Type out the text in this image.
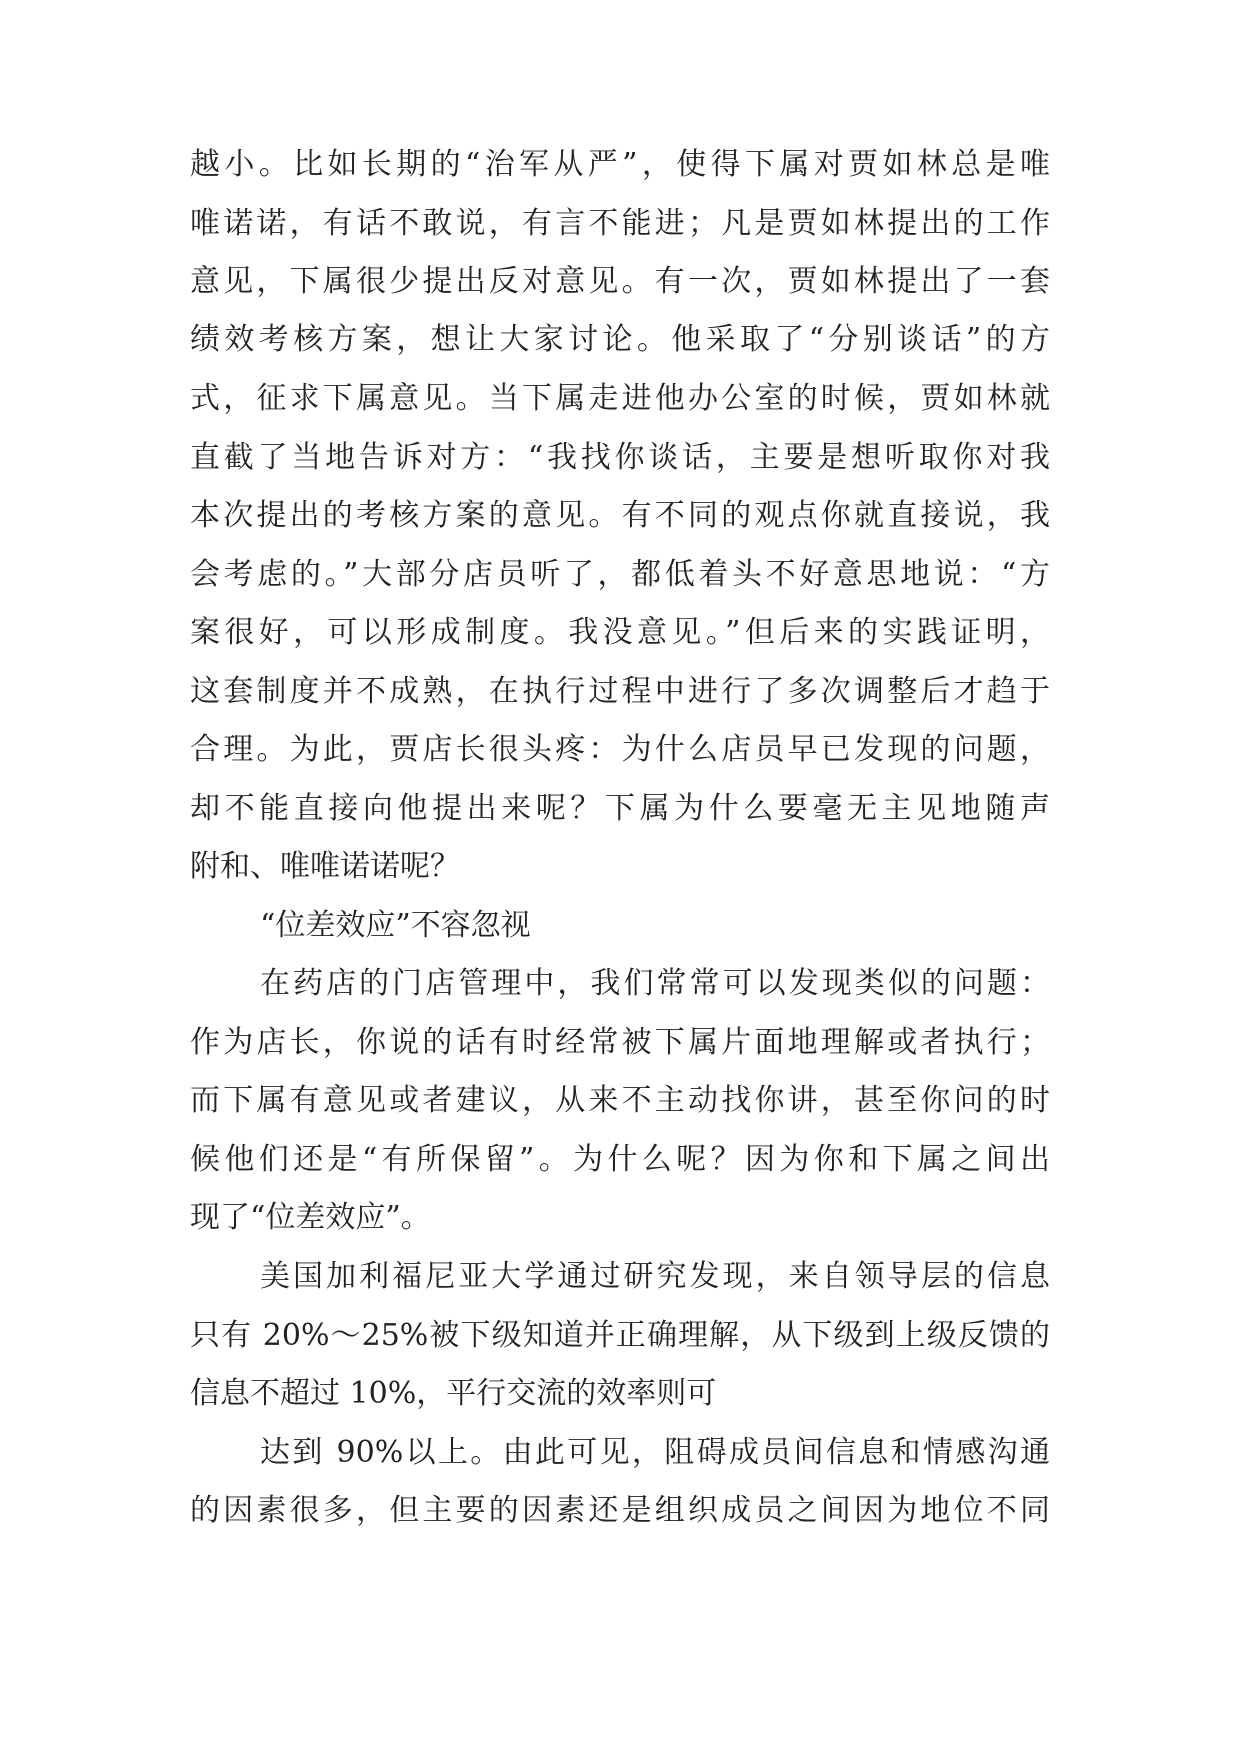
越小。比如长期的“治军从严”，使得下属对贾如林总是唯
唯诺诺，有话不敢说，有言不能进；凡是贾如林提出的工作
意见，下属很少提出反对意见。有一次，贾如林提出了一套
绩效考核方案，想让大家讨论。他采取了“分别谈话”的方
式，征求下属意见。当下属走进他办公室的时候，贾如林就
直截了当地告诉对方：“我找你谈话，主要是想听取你对我
本次提出的考核方案的意见。有不同的观点你就直接说，我
会考虑的。”大部分店员听了，都低着头不好意思地说：“方
案很好，可以形成制度。我没意见。”但后来的实践证明，
这套制度并不成熟，在执行过程中进行了多次调整后才趋于
合理。为此，贾店长很头疼：为什么店员早已发现的问题，
却不能直接向他提出来呢？下属为什么要毫无主见地随声
附和、唯唯诺诺呢？
“位差效应”不容忽视
在药店的门店管理中，我们常常可以发现类似的问题：
作为店长，你说的话有时经常被下属片面地理解或者执行；
而下属有意见或者建议，从来不主动找你讲，甚至你问的时
候他们还是“有所保留”。为什么呢？因为你和下属之间出
现了“位差效应”。
美国加利福尼亚大学通过研究发现，来自领导层的信息
只有 20%～25%被下级知道并正确理解，从下级到上级反馈的
信息不超过 10%，平行交流的效率则可
达到 90%以上。由此可见，阻碍成员间信息和情感沟通
的因素很多，但主要的因素还是组织成员之间因为地位不同
